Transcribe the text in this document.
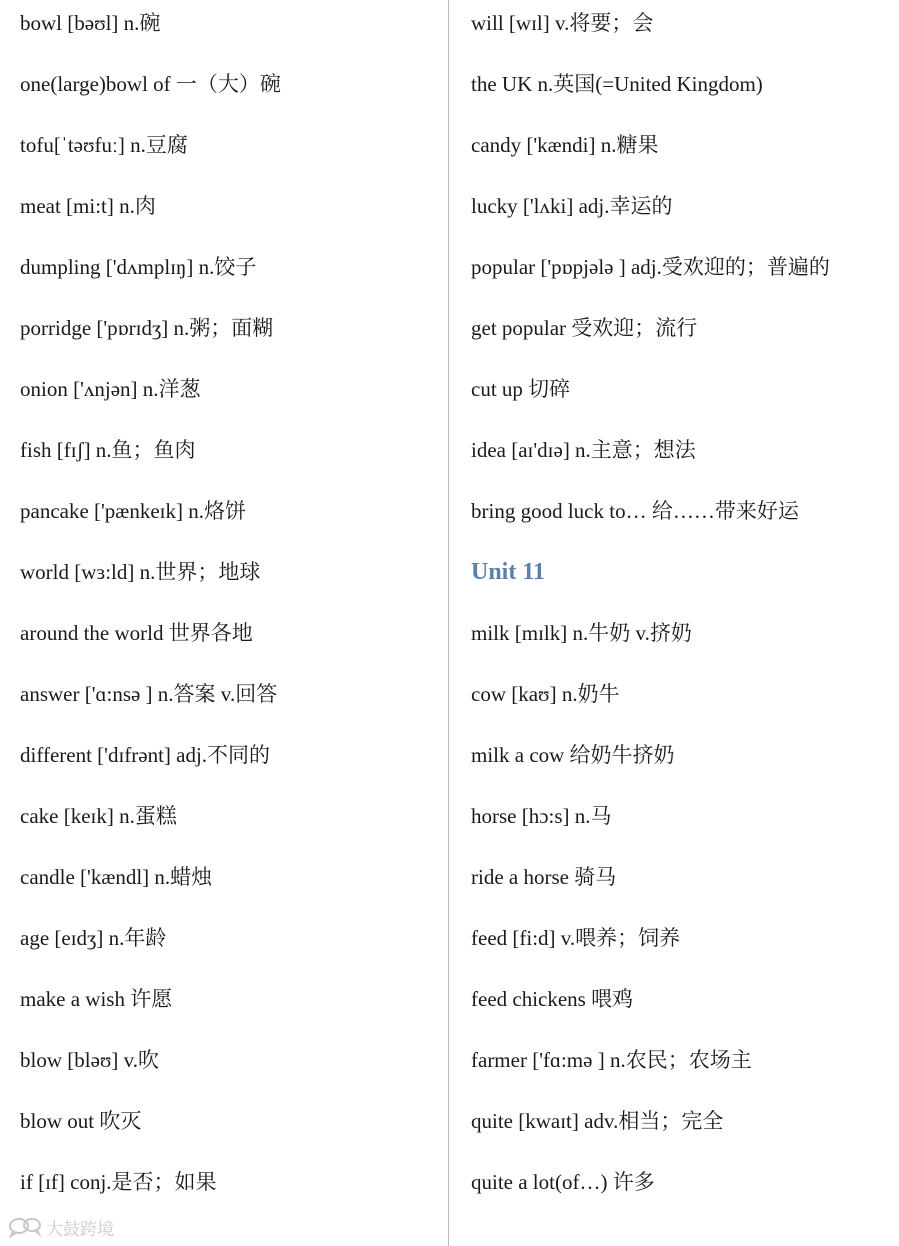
bowl [bəʊl] n.碗
one(large)bowl of 一（大）碗
tofu[ˈtəʊfuː] n.豆腐
meat [mi:t] n.肉
dumpling ['dʌmplɪŋ] n.饺子
porridge ['pɒrɪdʒ] n.粥；面糊
onion ['ʌnjən] n.洋葱
fish [fɪʃ] n.鱼；鱼肉
pancake ['pænkeɪk] n.烙饼
world [wɜ:ld] n.世界；地球
around the world 世界各地
answer ['ɑ:nsə ] n.答案 v.回答
different ['dɪfrənt] adj.不同的
cake [keɪk] n.蛋糕
candle ['kændl] n.蜡烛
age [eɪdʒ] n.年龄
make a wish 许愿
blow [bləʊ] v.吹
blow out 吹灭
if [ɪf] conj.是否；如果
will [wɪl] v.将要；会
the UK n.英国(=United Kingdom)
candy ['kændi] n.糖果
lucky ['lʌki] adj.幸运的
popular ['pɒpjələ ] adj.受欢迎的；普遍的
get popular 受欢迎；流行
cut up 切碎
idea [aɪ'dɪə] n.主意；想法
bring good luck to… 给……带来好运
Unit 11
milk [mɪlk] n.牛奶 v.挤奶
cow [kaʊ] n.奶牛
milk a cow 给奶牛挤奶
horse [hɔ:s] n.马
ride a horse 骑马
feed [fi:d] v.喂养；饲养
feed chickens 喂鸡
farmer ['fɑ:mə ] n.农民；农场主
quite [kwaɪt] adv.相当；完全
quite a lot(of…) 许多
大鼓跨境
